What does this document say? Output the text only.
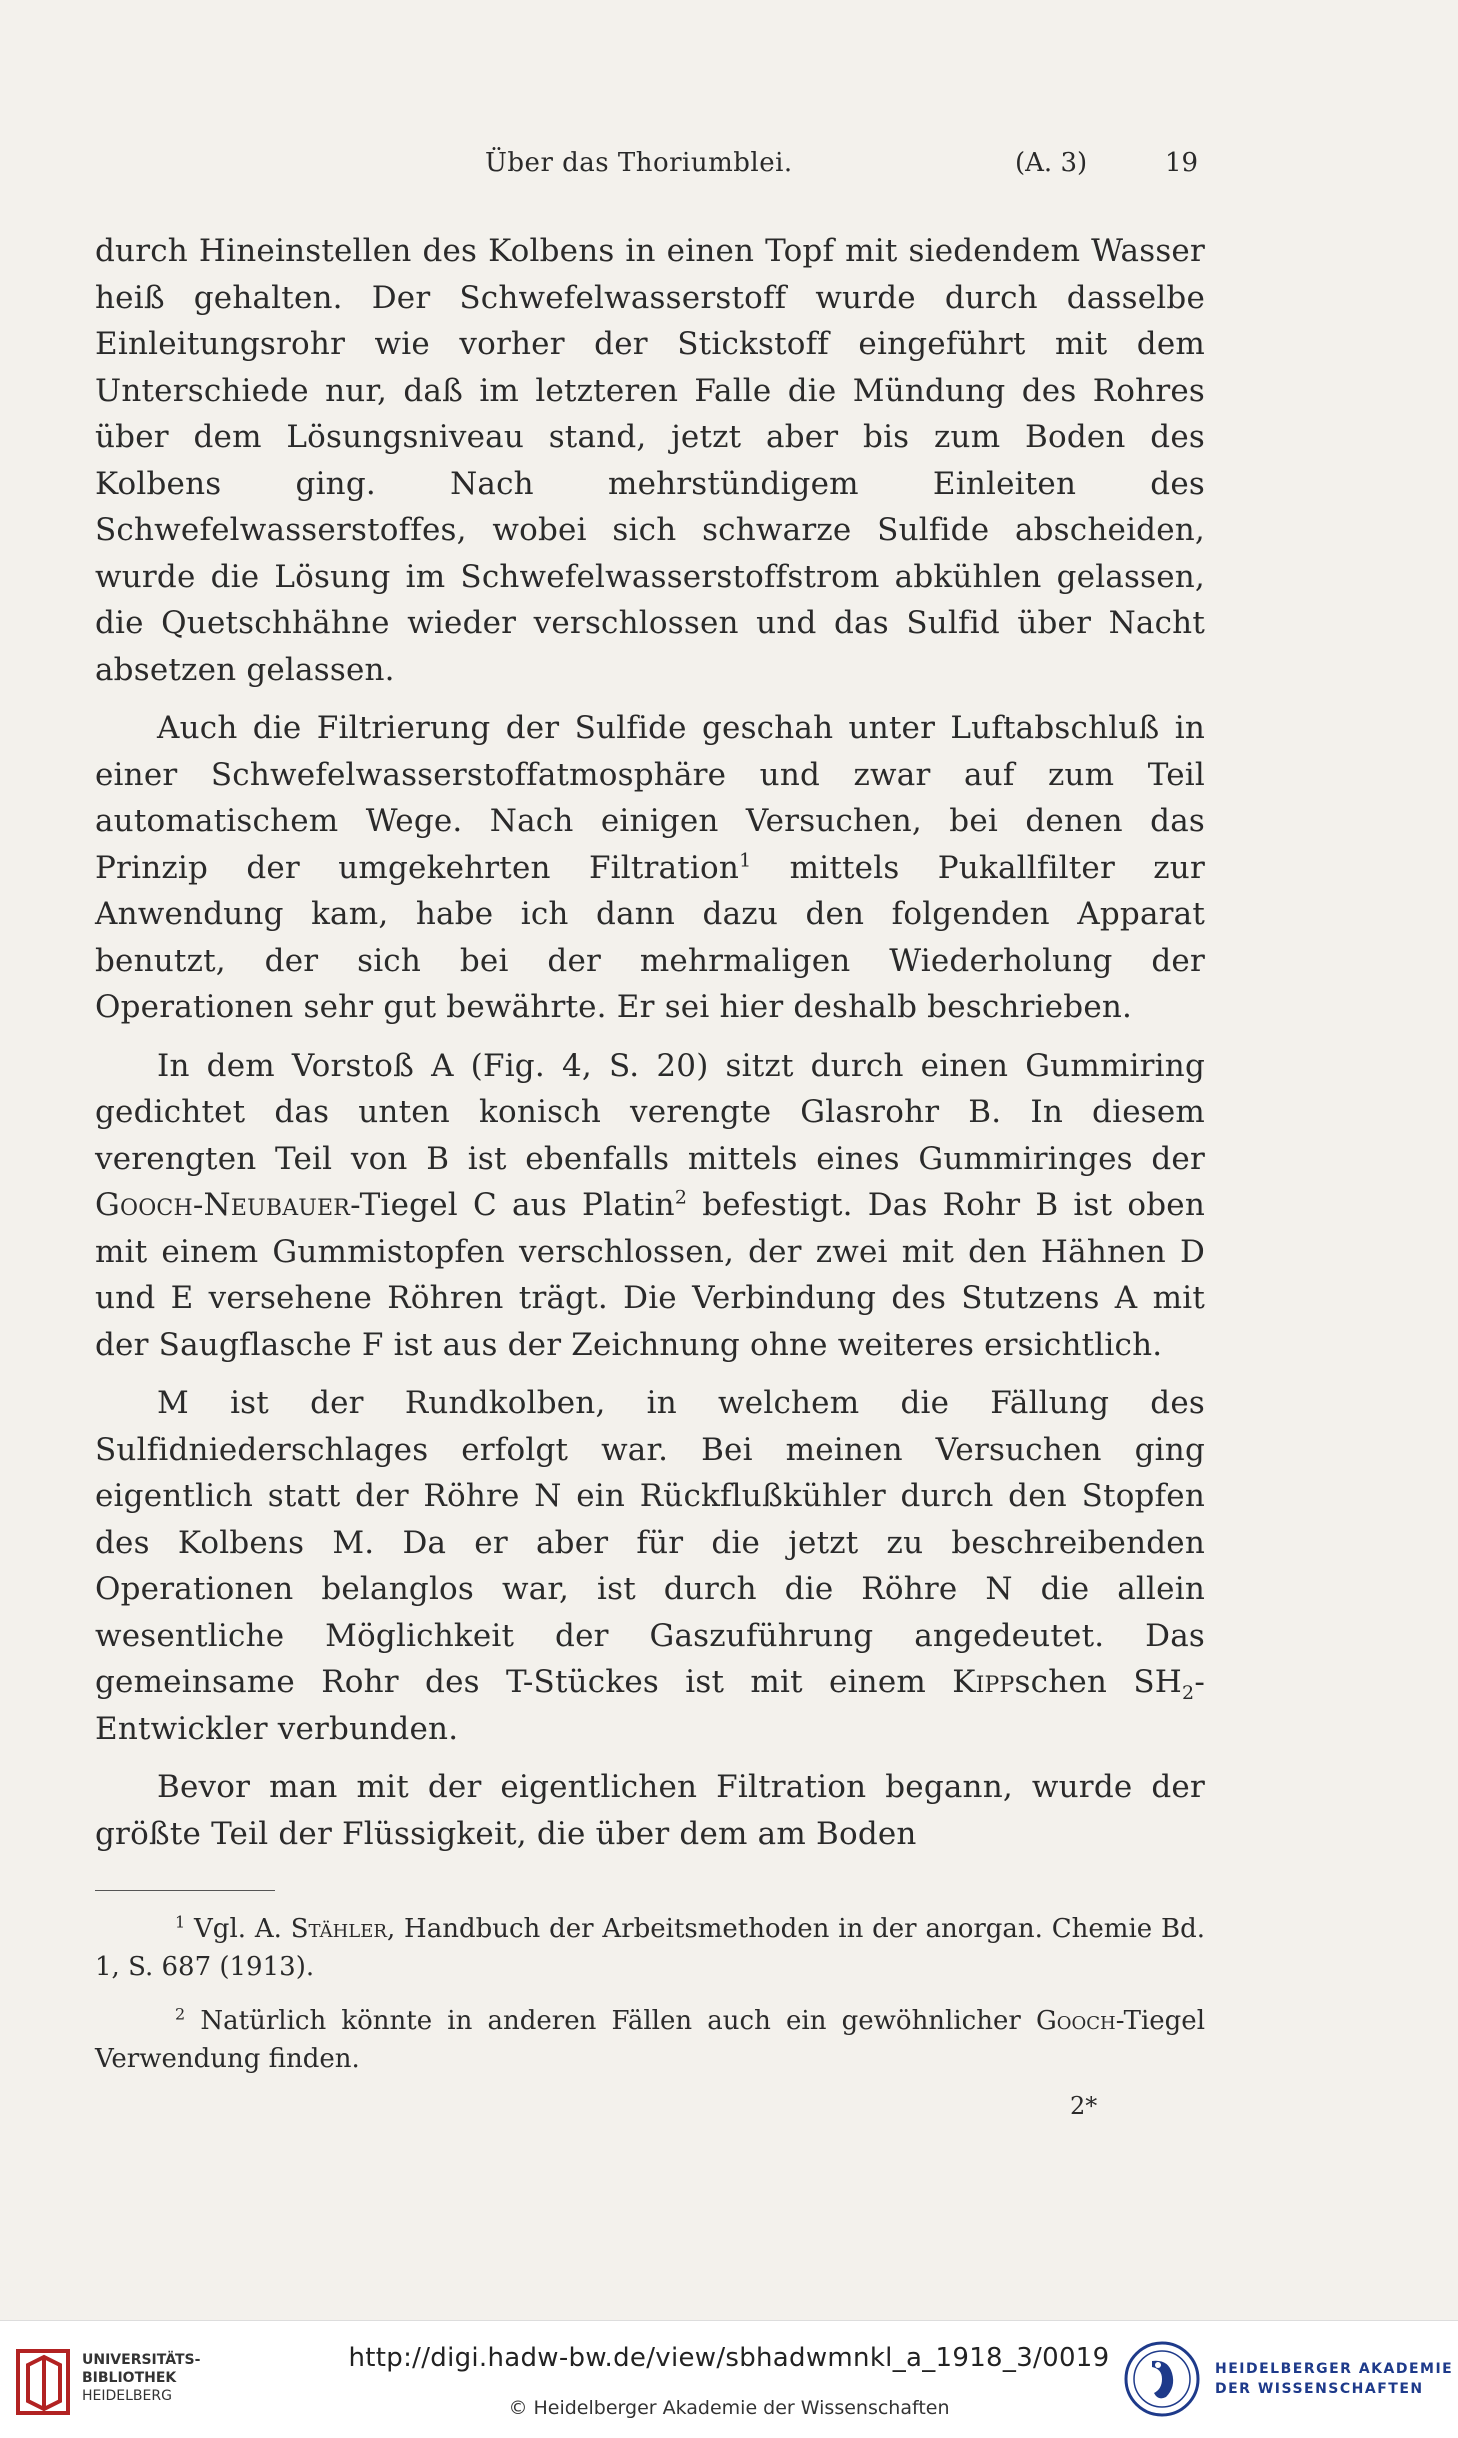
Über das Thoriumblei.	(A. 3)	19

durch Hineinstellen des Kolbens in einen Topf mit siedendem Wasser heiß gehalten. Der Schwefelwasserstoff wurde durch dasselbe Einleitungsrohr wie vorher der Stickstoff eingeführt mit dem Unterschiede nur, daß im letzteren Falle die Mündung des Rohres über dem Lösungsniveau stand, jetzt aber bis zum Boden des Kolbens ging. Nach mehrstündigem Einleiten des Schwefelwasserstoffes, wobei sich schwarze Sulfide abscheiden, wurde die Lösung im Schwefelwasserstoffstrom abkühlen gelassen, die Quetschhähne wieder verschlossen und das Sulfid über Nacht absetzen gelassen.

Auch die Filtrierung der Sulfide geschah unter Luftabschluß in einer Schwefelwasserstoffatmosphäre und zwar auf zum Teil automatischem Wege. Nach einigen Versuchen, bei denen das Prinzip der umgekehrten Filtration$^1$ mittels Pukallfilter zur Anwendung kam, habe ich dann dazu den folgenden Apparat benutzt, der sich bei der mehrmaligen Wiederholung der Operationen sehr gut bewährte. Er sei hier deshalb beschrieben.

In dem Vorstoß A (Fig. 4, S. 20) sitzt durch einen Gummiring gedichtet das unten konisch verengte Glasrohr B. In diesem verengten Teil von B ist ebenfalls mittels eines Gummiringes der Gooch-Neubauer-Tiegel C aus Platin$^2$ befestigt. Das Rohr B ist oben mit einem Gummistopfen verschlossen, der zwei mit den Hähnen D und E versehene Röhren trägt. Die Verbindung des Stutzens A mit der Saugflasche F ist aus der Zeichnung ohne weiteres ersichtlich.

M ist der Rundkolben, in welchem die Fällung des Sulfidniederschlages erfolgt war. Bei meinen Versuchen ging eigentlich statt der Röhre N ein Rückflußkühler durch den Stopfen des Kolbens M. Da er aber für die jetzt zu beschreibenden Operationen belanglos war, ist durch die Röhre N die allein wesentliche Möglichkeit der Gaszuführung angedeutet. Das gemeinsame Rohr des T-Stückes ist mit einem Kippschen $SH_2$-Entwickler verbunden.

Bevor man mit der eigentlichen Filtration begann, wurde der größte Teil der Flüssigkeit, die über dem am Boden

$^1$ Vgl. A. Stähler, Handbuch der Arbeitsmethoden in der anorgan. Chemie Bd. 1, S. 687 (1913).

$^2$ Natürlich könnte in anderen Fällen auch ein gewöhnlicher Gooch-Tiegel Verwendung finden.

2*
UNIVERSITÄTS-
BIBLIOTHEK
HEIDELBERG
http://digi.hadw-bw.de/view/sbhadwmnkl_a_1918_3/0019
© Heidelberger Akademie der Wissenschaften
HEIDELBERGER AKADEMIE
DER WISSENSCHAFTEN
